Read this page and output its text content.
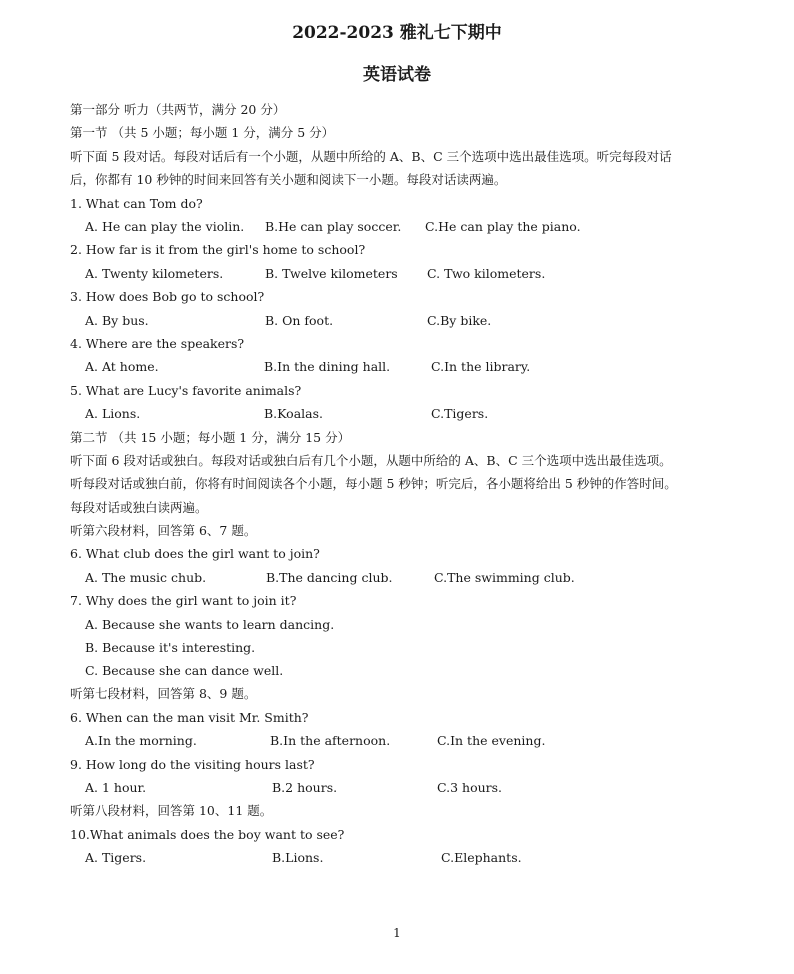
2022-2023 雅礼七下期中
英语试卷
第一部分 听力（共两节，满分 20 分）
第一节 （共 5 小题；每小题 1 分，满分 5 分）
听下面 5 段对话。每段对话后有一个小题，从题中所给的 A、B、C 三个选项中选出最佳选项。听完每段对话
后，你都有 10 秒钟的时间来回答有关小题和阅读下一小题。每段对话读两遍。
1. What can Tom do?
A. He can play the violin. B.He can play soccer. C.He can play the piano.
2. How far is it from the girl's home to school?
A. Twenty kilometers.	B. Twelve kilometers C. Two kilometers.
3. How does Bob go to school?
A. By bus.	B. On foot.	C.By bike.
4. Where are the speakers?
A. At home.	B.In the dining hall.	C.In the library.
5. What are Lucy's favorite animals?
A. Lions.	B.Koalas.	C.Tigers.
第二节 （共 15 小题；每小题 1 分，满分 15 分）
听下面 6 段对话或独白。每段对话或独白后有几个小题，从题中所给的 A、B、C 三个选项中选出最佳选项。
听每段对话或独白前，你将有时间阅读各个小题，每小题 5 秒钟；听完后，各小题将给出 5 秒钟的作答时间。
每段对话或独白读两遍。
听第六段材料，回答第 6、7 题。
6. What club does the girl want to join?
A. The music chub.	B.The dancing club.	C.The swimming club.
7. Why does the girl want to join it?
A. Because she wants to learn dancing.
B. Because it's interesting.
C. Because she can dance well.
听第七段材料，回答第 8、9 题。
6. When can the man visit Mr. Smith?
A.In the morning.	B.In the afternoon.	C.In the evening.
9. How long do the visiting hours last?
A. 1 hour.	B.2 hours.	C.3 hours.
听第八段材料，回答第 10、11 题。
10.What animals does the boy want to see?
A. Tigers.	B.Lions.	C.Elephants.
1
